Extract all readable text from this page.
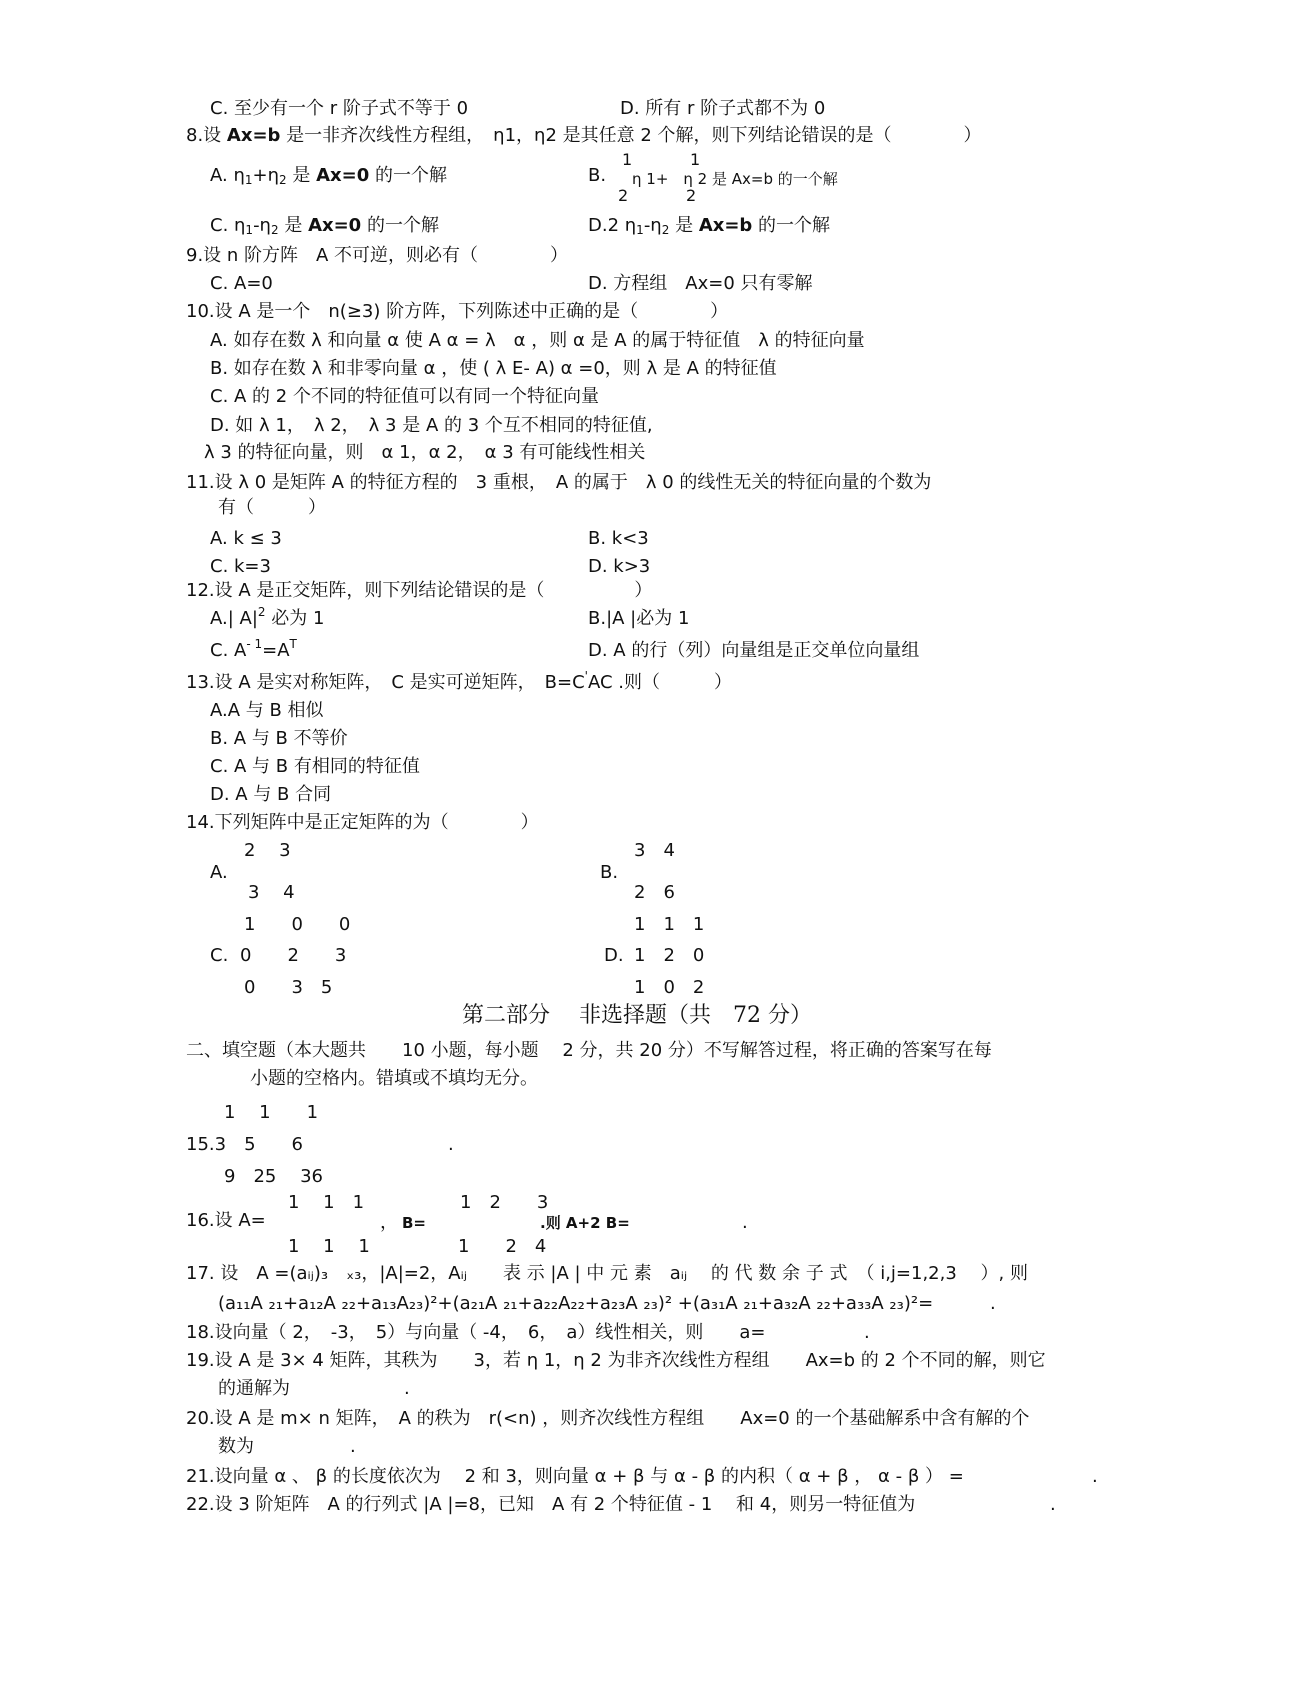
C. 至少有一个 r 阶子式不等于 0	D. 所有 r 阶子式都不为 0
8.设 Ax=b 是一非齐次线性方程组，　η1，η2 是其任意 2 个解，则下列结论错误的是（　　　　）
A. $\eta_1+\eta_2$ 是 Ax=0 的一个解	B.
1	1
2	2
η 1+　η 2 是 Ax=b 的一个解
C. $\eta_1-\eta_2$ 是 Ax=0 的一个解	D.2 $\eta_1-\eta_2$ 是 Ax=b 的一个解
9.设 n 阶方阵　A 不可逆，则必有（　　　　）
C. A=0	D. 方程组　Ax=0 只有零解
10.设 A 是一个　n(≥3) 阶方阵，下列陈述中正确的是（　　　　）
A. 如存在数 λ 和向量 α 使 A α = λ　α ，则 α 是 A 的属于特征值　λ 的特征向量
B. 如存在数 λ 和非零向量 α ，使 ( λ E- A) α =0，则 λ 是 A 的特征值
C. A 的 2 个不同的特征值可以有同一个特征向量
D. 如 λ 1，　λ 2，　λ 3 是 A 的 3 个互不相同的特征值,
λ 3 的特征向量，则　α 1，α 2，　α 3 有可能线性相关
11.设 λ 0 是矩阵 A 的特征方程的　3 重根，　A 的属于　λ 0 的线性无关的特征向量的个数为
有（　　　）
A. k ≤ 3	B. k<3
C. k=3	D. k>3
12.设 A 是正交矩阵，则下列结论错误的是（　　　　　）
A.| $A|^2$ 必为 1	B.|A |必为 1
C. $A^{- 1}=A^T$	D. A 的行（列）向量组是正交单位向量组
13.设 A 是实对称矩阵，　C 是实可逆矩阵，　B=C'AC .则（　　　）
A.A 与 B 相似
B. A 与 B 不等价
C. A 与 B 有相同的特征值
D. A 与 B 合同
14.下列矩阵中是正定矩阵的为（　　　　）
A.
2　 3
3　 4
B.
3　4
2　6
1　　0　　0
C. 0　　2　　3
0　　3　5
1　1　1
D. 1　2　0
1　0　2
第二部分　 非选择题（共　72 分）
二、填空题（本大题共　　10 小题，每小题　 2 分，共 20 分）不写解答过程，将正确的答案写在每
小题的空格内。错填或不填均无分。
1　 1　　1
15.3　5　　6	.
9　25　 36
16.设 A=
1　 1　1
1　 1　 1
， B=
1　2　　3
1　　2　4
.则 A+2 B=	.
17. 设　A =(aᵢⱼ)₃　ₓ₃，|A|=2，Aᵢⱼ　　表 示 |A | 中 元 素　aᵢⱼ　 的 代 数 余 子 式　（ i,j=1,2,3　 ）, 则
(a₁₁A ₂₁+a₁₂A ₂₂+a₁₃A₂₃)²+(a₂₁A ₂₁+a₂₂A₂₂+a₂₃A ₂₃)² +(a₃₁A ₂₁+a₃₂A ₂₂+a₃₃A ₂₃)²=	.
18.设向量（ 2，　-3，　5）与向量（ -4，　6，　a）线性相关，则　　a=	.
19.设 A 是 3× 4 矩阵，其秩为　　3，若 η 1，η 2 为非齐次线性方程组　　Ax=b 的 2 个不同的解，则它
的通解为	.
20.设 A 是 m× n 矩阵，　A 的秩为　r(<n) ，则齐次线性方程组　　Ax=0 的一个基础解系中含有解的个
数为	.
21.设向量 α 、 β 的长度依次为　 2 和 3，则向量 α + β 与 α - β 的内积（ α + β ， α - β ） =	.
22.设 3 阶矩阵　A 的行列式 |A |=8，已知　A 有 2 个特征值 - 1　 和 4，则另一特征值为	.
